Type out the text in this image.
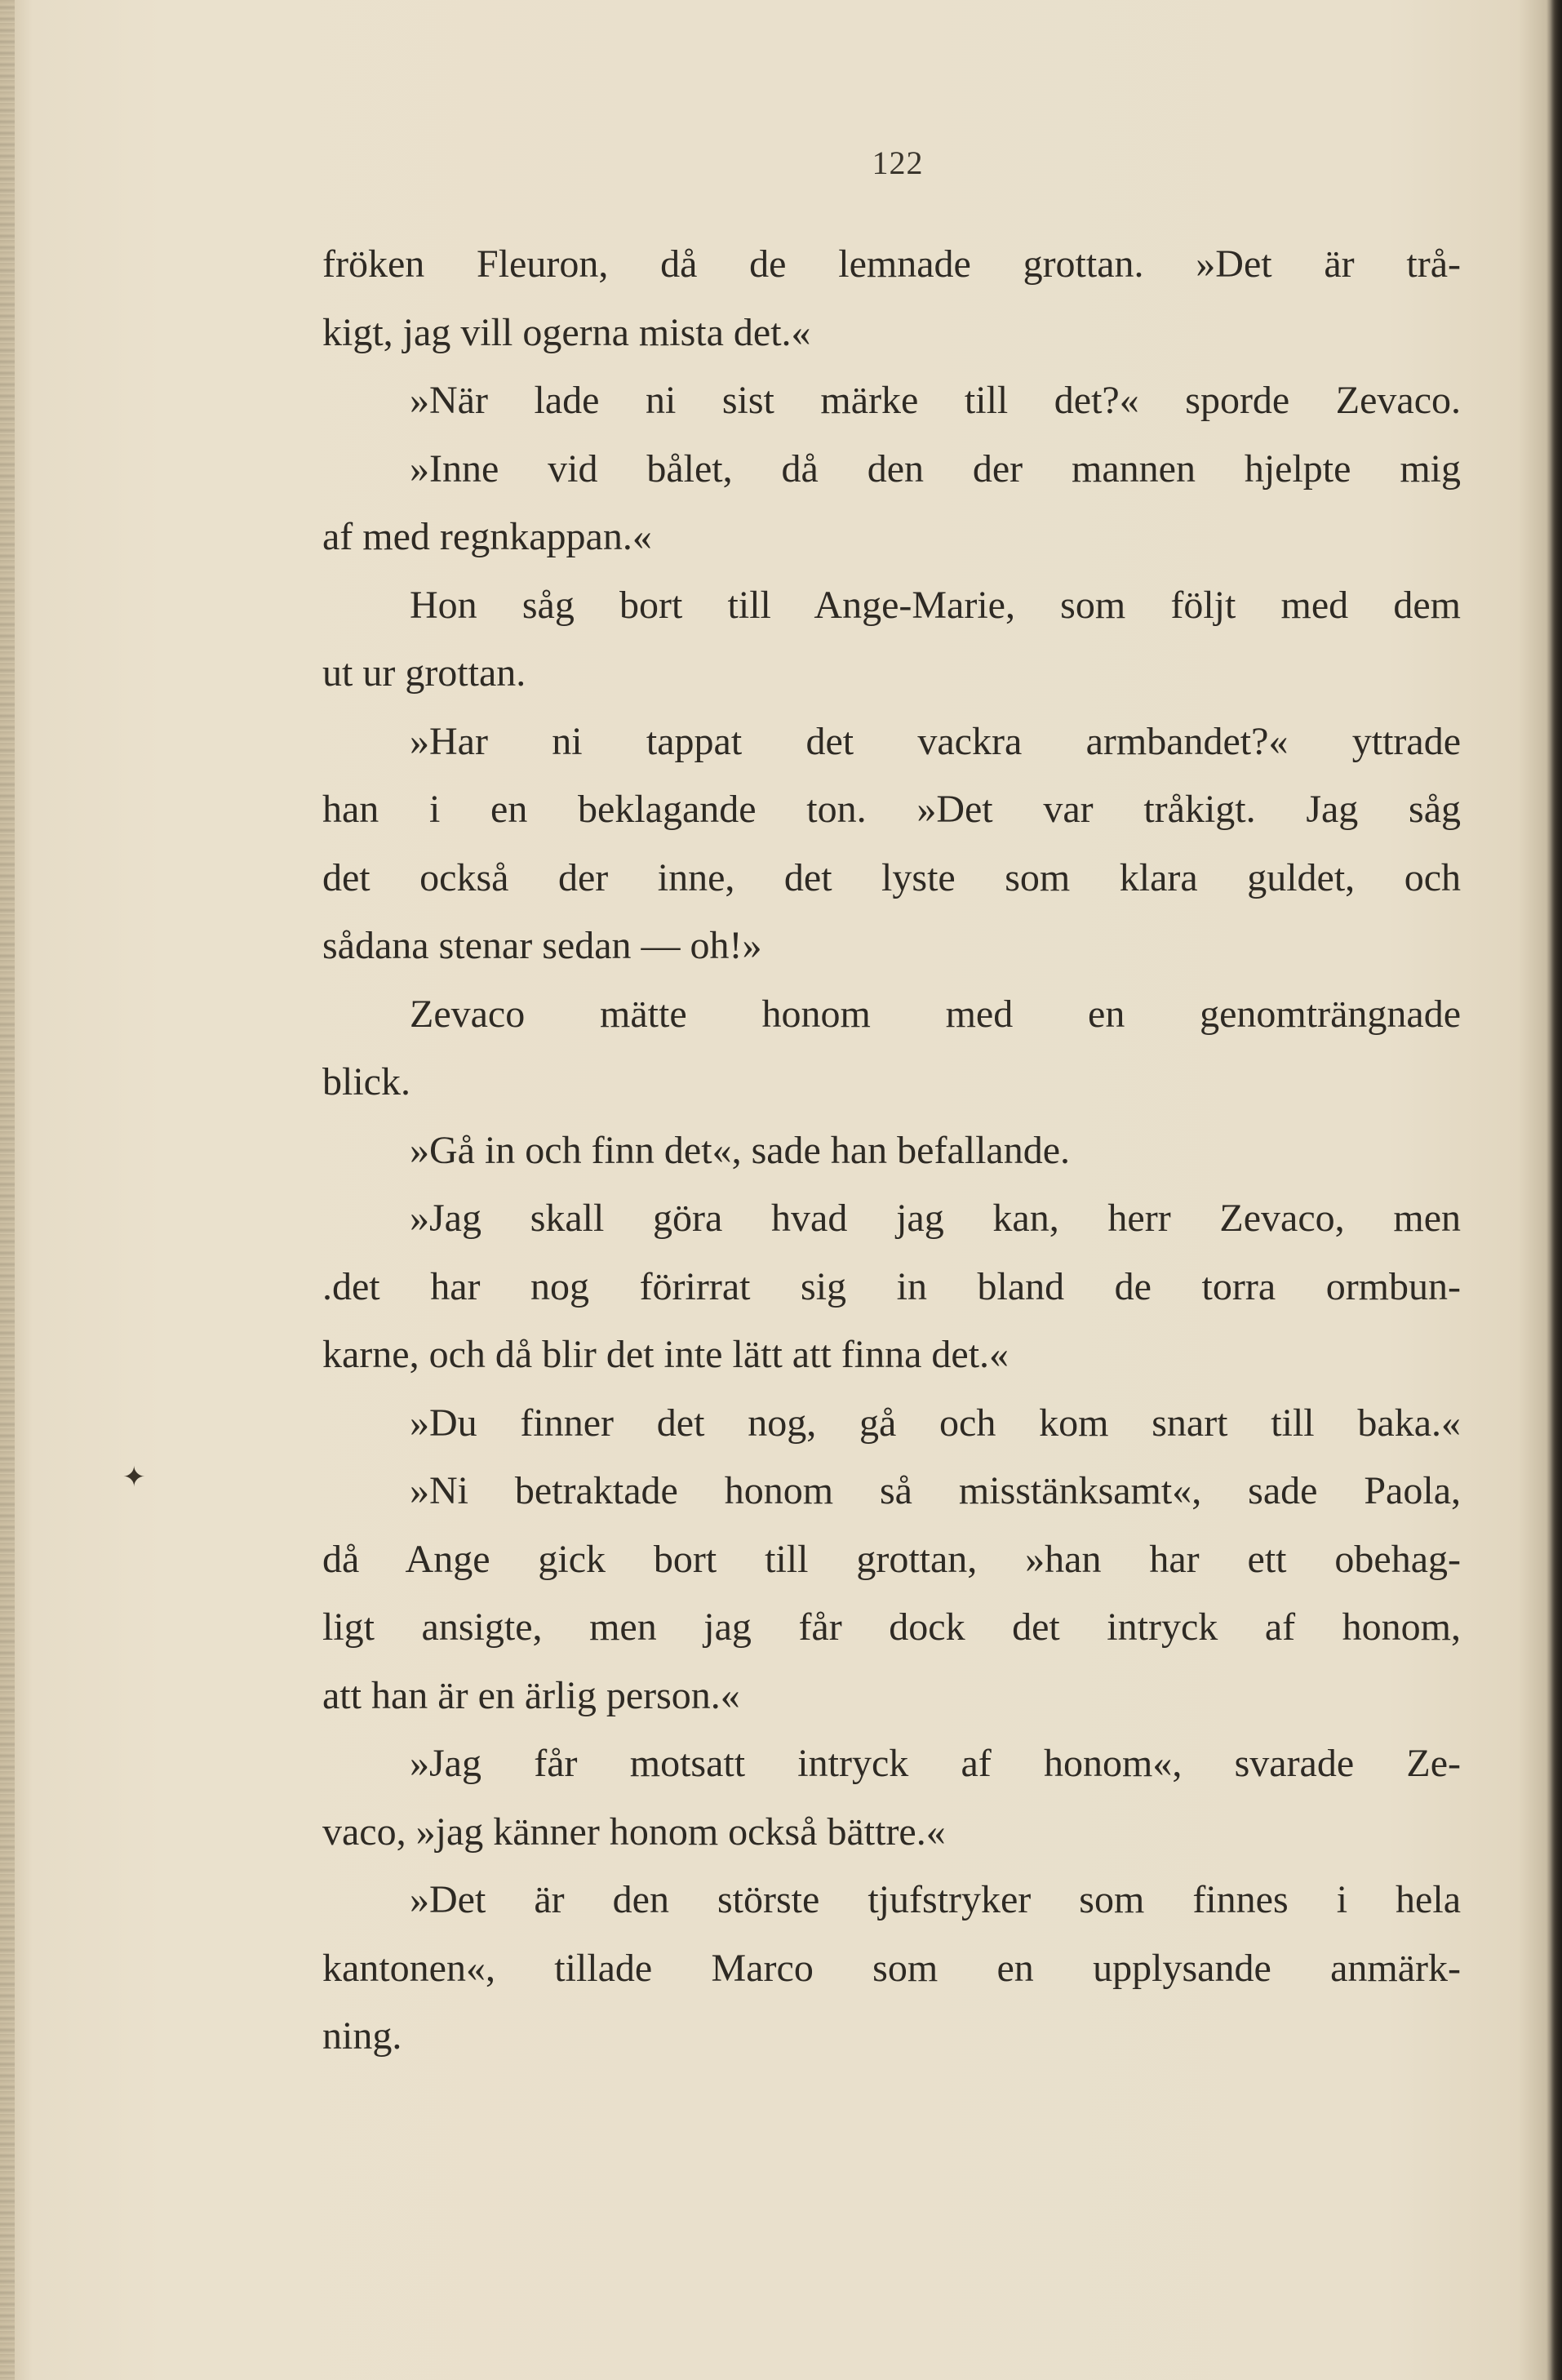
122
✦
fröken Fleuron, då de lemnade grottan. »Det är trå-
kigt, jag vill ogerna mista det.«
»När lade ni sist märke till det?« sporde Zevaco.
»Inne vid bålet, då den der mannen hjelpte mig
af med regnkappan.«
Hon såg bort till Ange-Marie, som följt med dem
ut ur grottan.
»Har ni tappat det vackra armbandet?« yttrade
han i en beklagande ton. »Det var tråkigt. Jag såg
det också der inne, det lyste som klara guldet, och
sådana stenar sedan — oh!»
Zevaco mätte honom med en genomträngnade
blick.
»Gå in och finn det«, sade han befallande.
»Jag skall göra hvad jag kan, herr Zevaco, men
.det har nog förirrat sig in bland de torra ormbun-
karne, och då blir det inte lätt att finna det.«
»Du finner det nog, gå och kom snart till baka.«
»Ni betraktade honom så misstänksamt«, sade Paola,
då Ange gick bort till grottan, »han har ett obehag-
ligt ansigte, men jag får dock det intryck af honom,
att han är en ärlig person.«
»Jag får motsatt intryck af honom«, svarade Ze-
vaco, »jag känner honom också bättre.«
»Det är den störste tjufstryker som finnes i hela
kantonen«, tillade Marco som en upplysande anmärk-
ning.
